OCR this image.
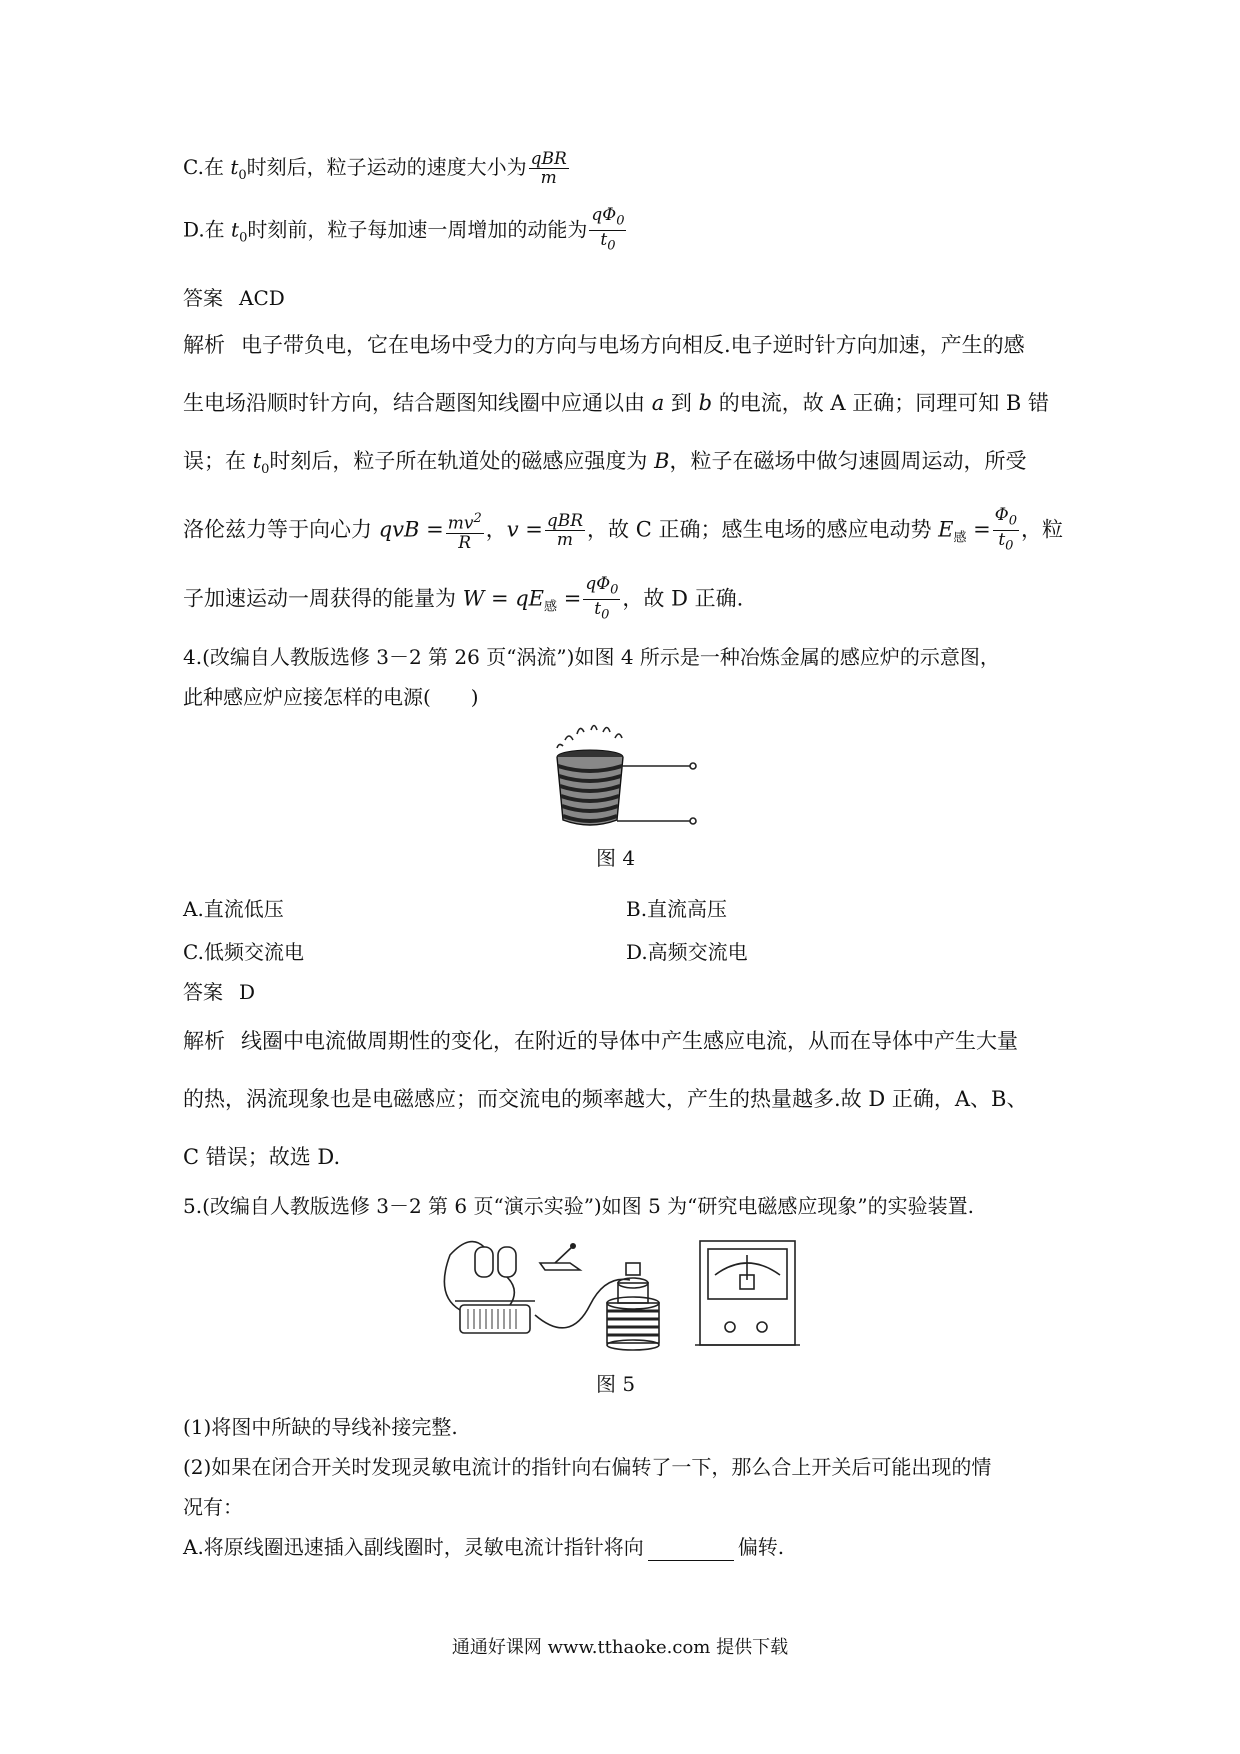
C.在 $t_0$时刻后，粒子运动的速度大小为 $\frac{\text{qBR}}{m}$
D.在 $t_0$时刻前，粒子每加速一周增加的动能为 $\frac{q\Phi_0}{t_0}$
答案 ACD
解析 电子带负电，它在电场中受力的方向与电场方向相反.电子逆时针方向加速，产生的感
生电场沿顺时针方向，结合题图知线圈中应通以由 a 到 b 的电流，故 A 正确；同理可知 B 错
误；在 $t_0$时刻后，粒子所在轨道处的磁感应强度为 B，粒子在磁场中做匀速圆周运动，所受
洛伦兹力等于向心力 qvB = $\frac{mv^2}{R}$ ，$v = \frac{\text{qBR}}{m}$ ，故 C 正确；感生电场的感应电动势 $E_感 = \frac{\Phi_0}{t_0}$ ，粒
子加速运动一周获得的能量为 $W = qE_感 = \frac{q\Phi_0}{t_0}$ ，故 D 正确.
4.(改编自人教版选修 3－2 第 26 页“涡流”)如图 4 所示是一种冶炼金属的感应炉的示意图，
此种感应炉应接怎样的电源(　　)
图 4
A.直流低压	B.直流高压
C.低频交流电	D.高频交流电
答案 D
解析 线圈中电流做周期性的变化，在附近的导体中产生感应电流，从而在导体中产生大量
的热，涡流现象也是电磁感应；而交流电的频率越大，产生的热量越多.故 D 正确，A、B、
C 错误；故选 D.
5.(改编自人教版选修 3－2 第 6 页“演示实验”)如图 5 为“研究电磁感应现象”的实验装置.
图 5
(1)将图中所缺的导线补接完整.
(2)如果在闭合开关时发现灵敏电流计的指针向右偏转了一下，那么合上开关后可能出现的情
况有：
A.将原线圈迅速插入副线圈时，灵敏电流计指针将向	偏转.
通通好课网 www.tthaoke.com 提供下载
